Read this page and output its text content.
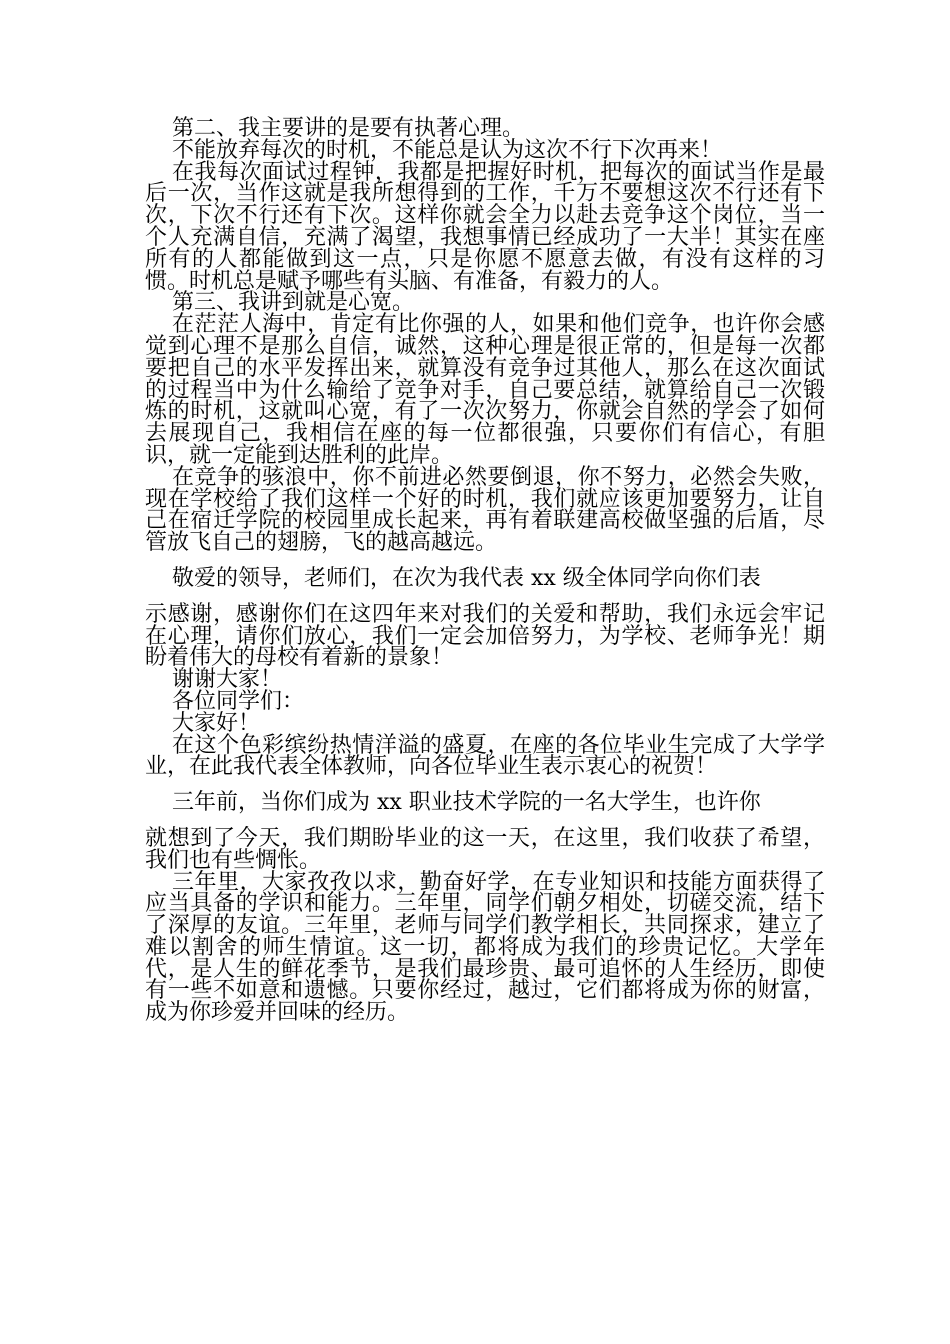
第二、我主要讲的是要有执著心理。

不能放弃每次的时机，不能总是认为这次不行下次再来！

在我每次面试过程钟，我都是把握好时机，把每次的面试当作是最后一次，当作这就是我所想得到的工作，千万不要想这次不行还有下次，下次不行还有下次。这样你就会全力以赴去竞争这个岗位，当一个人充满自信，充满了渴望，我想事情已经成功了一大半！其实在座所有的人都能做到这一点，只是你愿不愿意去做，有没有这样的习惯。时机总是赋予哪些有头脑、有准备，有毅力的人。

第三、我讲到就是心宽。

在茫茫人海中，肯定有比你强的人，如果和他们竞争，也许你会感觉到心理不是那么自信，诚然，这种心理是很正常的，但是每一次都要把自己的水平发挥出来，就算没有竞争过其他人，那么在这次面试的过程当中为什么输给了竞争对手，自己要总结，就算给自己一次锻炼的时机，这就叫心宽，有了一次次努力，你就会自然的学会了如何去展现自己，我相信在座的每一位都很强，只要你们有信心，有胆识，就一定能到达胜利的此岸。

在竞争的骇浪中，你不前进必然要倒退，你不努力，必然会失败，现在学校给了我们这样一个好的时机，我们就应该更加要努力，让自己在宿迁学院的校园里成长起来，再有着联建高校做坚强的后盾，尽管放飞自己的翅膀，飞的越高越远。

敬爱的领导，老师们，在次为我代表 xx 级全体同学向你们表

示感谢，感谢你们在这四年来对我们的关爱和帮助，我们永远会牢记在心理，请你们放心，我们一定会加倍努力，为学校、老师争光！期盼着伟大的母校有着新的景象！

谢谢大家！

各位同学们：

大家好！

在这个色彩缤纷热情洋溢的盛夏，在座的各位毕业生完成了大学学业，在此我代表全体教师，向各位毕业生表示衷心的祝贺！

三年前，当你们成为 xx 职业技术学院的一名大学生，也许你

就想到了今天，我们期盼毕业的这一天，在这里，我们收获了希望，我们也有些惆怅。

三年里，大家孜孜以求，勤奋好学，在专业知识和技能方面获得了应当具备的学识和能力。三年里，同学们朝夕相处，切磋交流，结下了深厚的友谊。三年里，老师与同学们教学相长，共同探求，建立了难以割舍的师生情谊。这一切，都将成为我们的珍贵记忆。大学年代，是人生的鲜花季节，是我们最珍贵、最可追怀的人生经历，即使有一些不如意和遗憾。只要你经过，越过，它们都将成为你的财富，成为你珍爱并回味的经历。
